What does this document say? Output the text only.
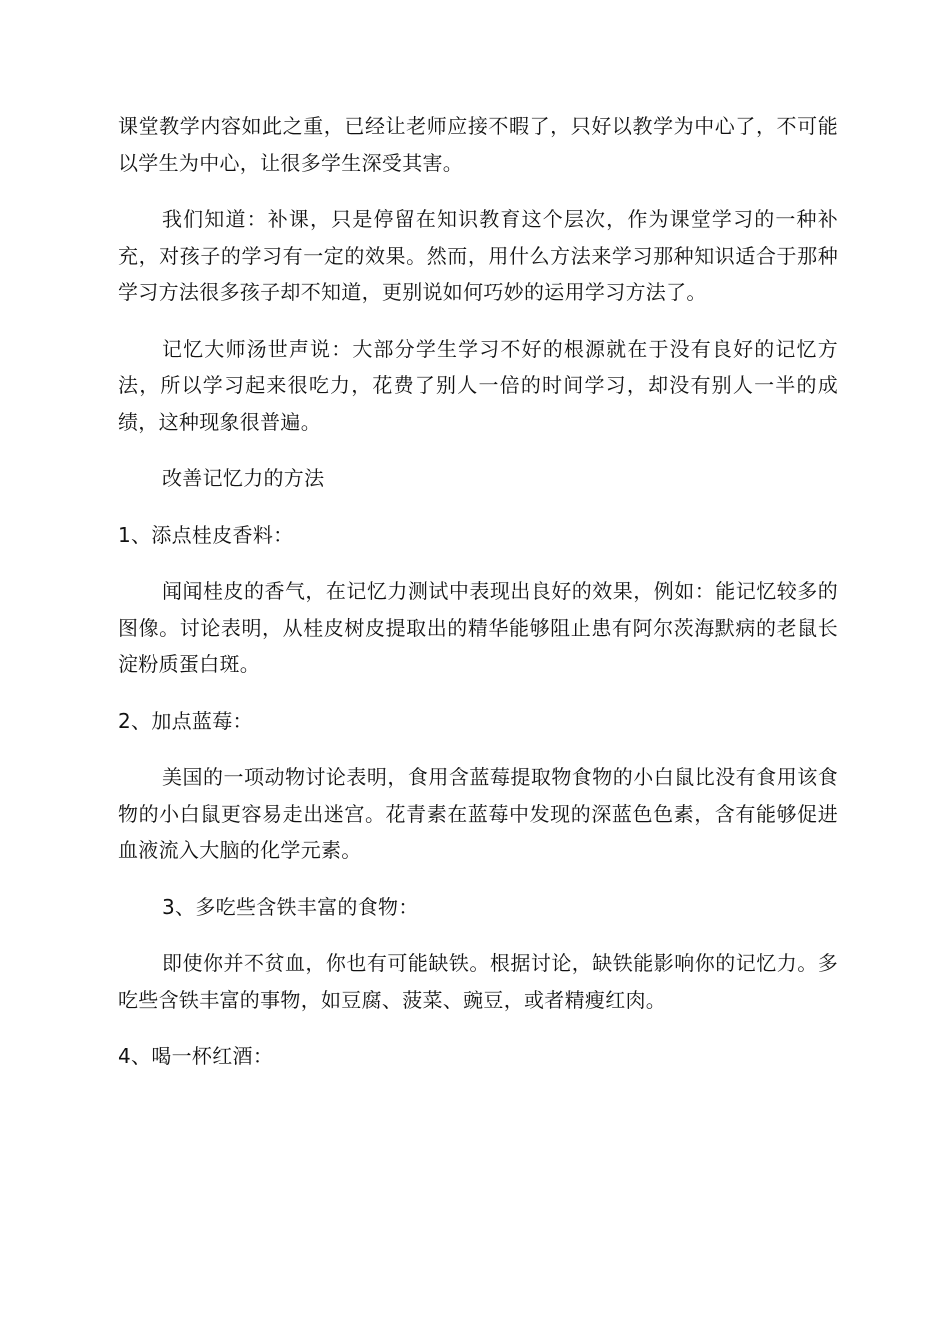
课堂教学内容如此之重，已经让老师应接不暇了，只好以教学为中心了，不可能以学生为中心，让很多学生深受其害。

我们知道：补课，只是停留在知识教育这个层次，作为课堂学习的一种补充，对孩子的学习有一定的效果。然而，用什么方法来学习那种知识适合于那种学习方法很多孩子却不知道，更别说如何巧妙的运用学习方法了。

记忆大师汤世声说：大部分学生学习不好的根源就在于没有良好的记忆方法，所以学习起来很吃力，花费了别人一倍的时间学习，却没有别人一半的成绩，这种现象很普遍。

改善记忆力的方法

1、添点桂皮香料：

闻闻桂皮的香气，在记忆力测试中表现出良好的效果，例如：能记忆较多的图像。讨论表明，从桂皮树皮提取出的精华能够阻止患有阿尔茨海默病的老鼠长淀粉质蛋白斑。

2、加点蓝莓：

美国的一项动物讨论表明，食用含蓝莓提取物食物的小白鼠比没有食用该食物的小白鼠更容易走出迷宫。花青素在蓝莓中发现的深蓝色色素，含有能够促进血液流入大脑的化学元素。

3、多吃些含铁丰富的食物：

即使你并不贫血，你也有可能缺铁。根据讨论，缺铁能影响你的记忆力。多吃些含铁丰富的事物，如豆腐、菠菜、豌豆，或者精瘦红肉。

4、喝一杯红酒：
